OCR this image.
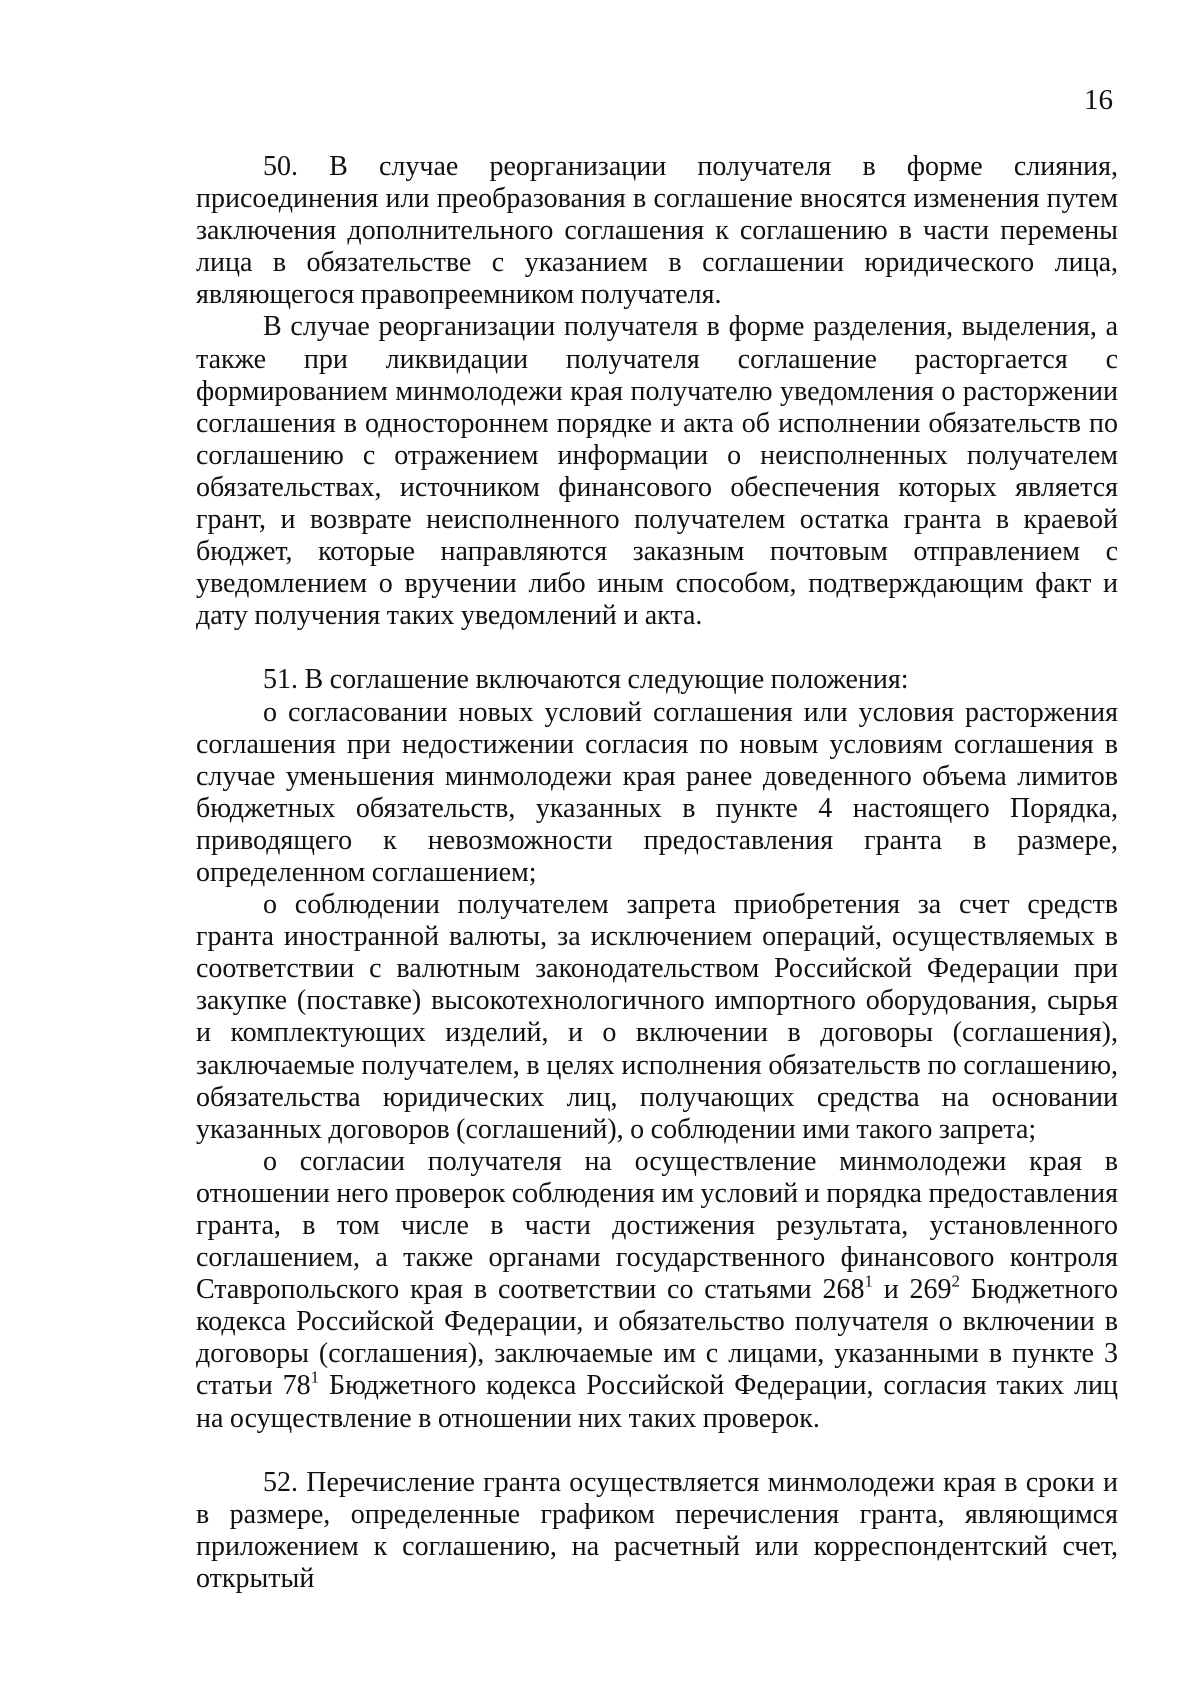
16

50. В случае реорганизации получателя в форме слияния, присоединения или преобразования в соглашение вносятся изменения путем заключения дополнительного соглашения к соглашению в части перемены лица в обязательстве с указанием в соглашении юридического лица, являющегося правопреемником получателя.

В случае реорганизации получателя в форме разделения, выделения, а также при ликвидации получателя соглашение расторгается с формированием минмолодежи края получателю уведомления о расторжении соглашения в одностороннем порядке и акта об исполнении обязательств по соглашению с отражением информации о неисполненных получателем обязательствах, источником финансового обеспечения которых является грант, и возврате неисполненного получателем остатка гранта в краевой бюджет, которые направляются заказным почтовым отправлением с уведомлением о вручении либо иным способом, подтверждающим факт и дату получения таких уведомлений и акта.

51. В соглашение включаются следующие положения:

о согласовании новых условий соглашения или условия расторжения соглашения при недостижении согласия по новым условиям соглашения в случае уменьшения минмолодежи края ранее доведенного объема лимитов бюджетных обязательств, указанных в пункте 4 настоящего Порядка, приводящего к невозможности предоставления гранта в размере, определенном соглашением;

о соблюдении получателем запрета приобретения за счет средств гранта иностранной валюты, за исключением операций, осуществляемых в соответствии с валютным законодательством Российской Федерации при закупке (поставке) высокотехнологичного импортного оборудования, сырья и комплектующих изделий, и о включении в договоры (соглашения), заключаемые получателем, в целях исполнения обязательств по соглашению, обязательства юридических лиц, получающих средства на основании указанных договоров (соглашений), о соблюдении ими такого запрета;

о согласии получателя на осуществление минмолодежи края в отношении него проверок соблюдения им условий и порядка предоставления гранта, в том числе в части достижения результата, установленного соглашением, а также органами государственного финансового контроля Ставропольского края в соответствии со статьями $268^1$ и $269^2$ Бюджетного кодекса Российской Федерации, и обязательство получателя о включении в договоры (соглашения), заключаемые им с лицами, указанными в пункте 3 статьи $78^1$ Бюджетного кодекса Российской Федерации, согласия таких лиц на осуществление в отношении них таких проверок.

52. Перечисление гранта осуществляется минмолодежи края в сроки и в размере, определенные графиком перечисления гранта, являющимся приложением к соглашению, на расчетный или корреспондентский счет, открытый
